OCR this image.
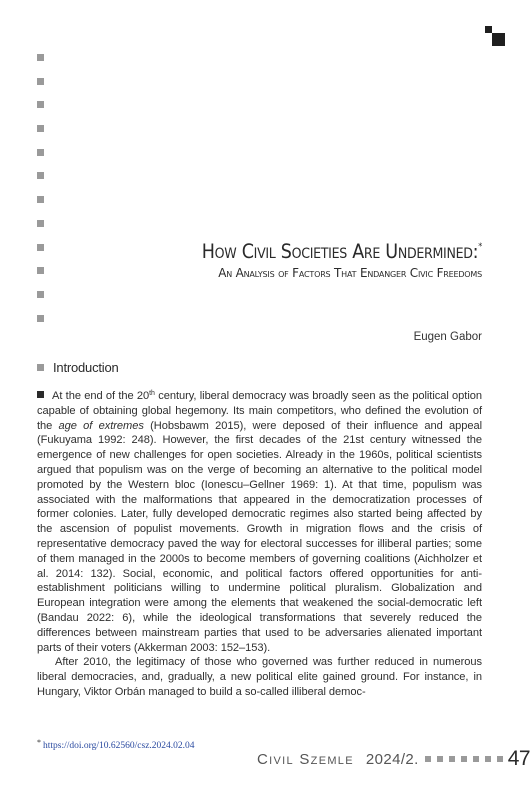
How Civil Societies Are Undermined:*
An Analysis of Factors That Endanger Civic Freedoms
Eugen Gabor
Introduction

At the end of the 20th century, liberal democracy was broadly seen as the political option capable of obtaining global hegemony. Its main competitors, who defined the evolution of the age of extremes (Hobsbawm 2015), were deposed of their influence and appeal (Fukuyama 1992: 248). However, the first decades of the 21st century witnessed the emergence of new challenges for open societies. Already in the 1960s, political scientists argued that populism was on the verge of becoming an alternative to the political model promoted by the Western bloc (Ionescu–Gellner 1969: 1). At that time, populism was associated with the malformations that appeared in the democratization processes of former colonies. Later, fully developed democratic regimes also started being affected by the ascension of populist movements. Growth in migration flows and the crisis of representative democracy paved the way for electoral successes for illiberal parties; some of them managed in the 2000s to become members of governing coalitions (Aichholzer et al. 2014: 132). Social, economic, and political factors offered opportunities for anti-establishment politicians willing to undermine political pluralism. Globalization and European integration were among the elements that weakened the social-democratic left (Bandau 2022: 6), while the ideological transformations that severely reduced the differences between mainstream parties that used to be adversaries alienated important parts of their voters (Akkerman 2003: 152–153).

After 2010, the legitimacy of those who governed was further reduced in numerous liberal democracies, and, gradually, a new political elite gained ground. For instance, in Hungary, Viktor Orbán managed to build a so-called illiberal democ-

* https://doi.org/10.62560/csz.2024.02.04
Civil Szemle 2024/2.	47
